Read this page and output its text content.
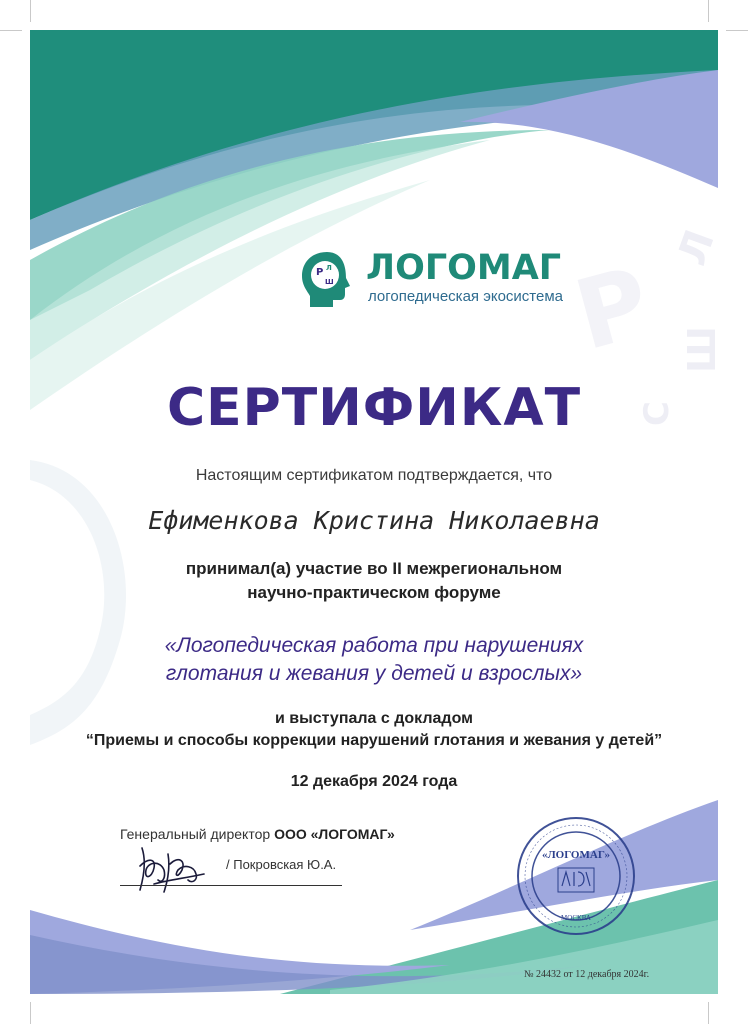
Р Л
С
Ш
Р Л
Ш ЛОГОМАГ
логопедическая экосистема
СЕРТИФИКАТ
Настоящим сертификатом подтверждается, что
Ефименкова Кристина Николаевна
принимал(а) участие во II межрегиональном
научно-практическом форуме
«Логопедическая работа при нарушениях
глотания и жевания у детей и взрослых»
и выступала с докладом
“Приемы и способы коррекции нарушений глотания и жевания у детей”
12 декабря 2024 года
Генеральный директор ООО «ЛОГОМАГ»
/ Покровская Ю.А.
«ЛОГОМАГ»
МОСКВА
№ 24432 от 12 декабря 2024г.
